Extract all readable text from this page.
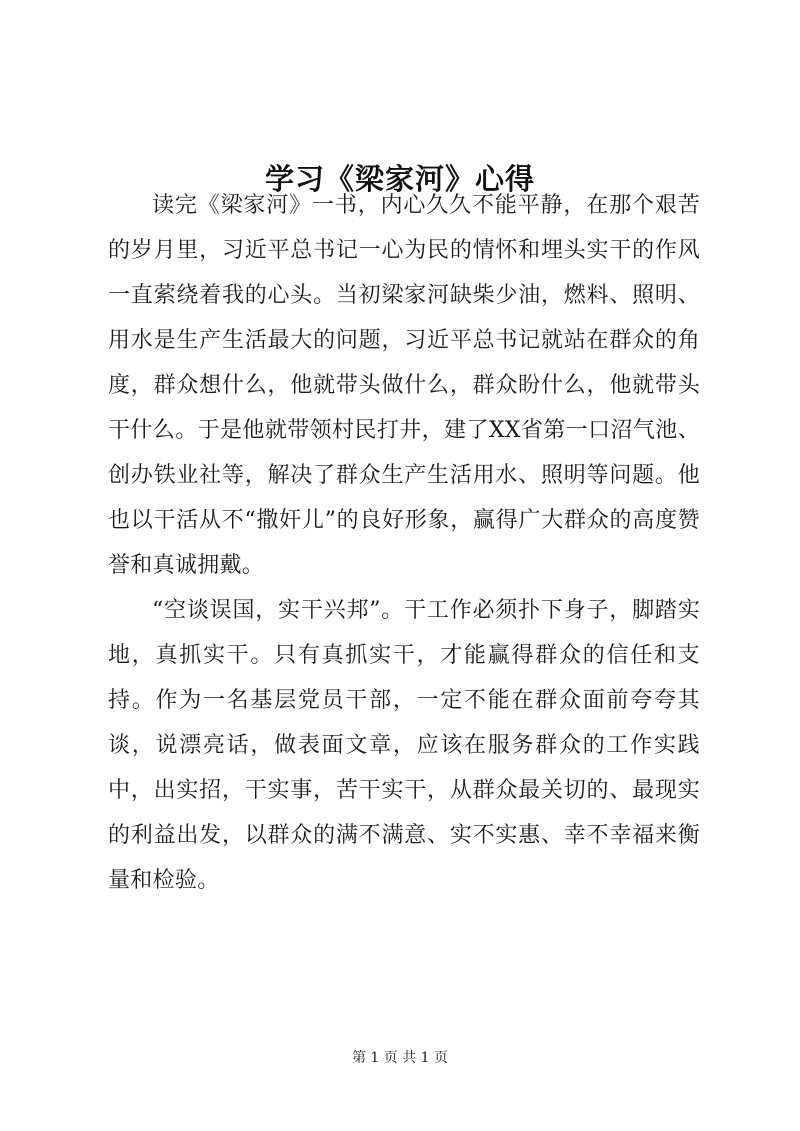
学习《梁家河》心得

读完《梁家河》一书，内心久久不能平静，在那个艰苦的岁月里，习近平总书记一心为民的情怀和埋头实干的作风一直萦绕着我的心头。当初梁家河缺柴少油，燃料、照明、用水是生产生活最大的问题，习近平总书记就站在群众的角度，群众想什么，他就带头做什么，群众盼什么，他就带头干什么。于是他就带领村民打井，建了XX省第一口沼气池、创办铁业社等，解决了群众生产生活用水、照明等问题。他也以干活从不“撒奸儿”的良好形象，赢得广大群众的高度赞誉和真诚拥戴。

“空谈误国，实干兴邦”。干工作必须扑下身子，脚踏实地，真抓实干。只有真抓实干，才能赢得群众的信任和支持。作为一名基层党员干部，一定不能在群众面前夸夸其谈，说漂亮话，做表面文章，应该在服务群众的工作实践中，出实招，干实事，苦干实干，从群众最关切的、最现实的利益出发，以群众的满不满意、实不实惠、幸不幸福来衡量和检验。

第 1 页 共 1 页
